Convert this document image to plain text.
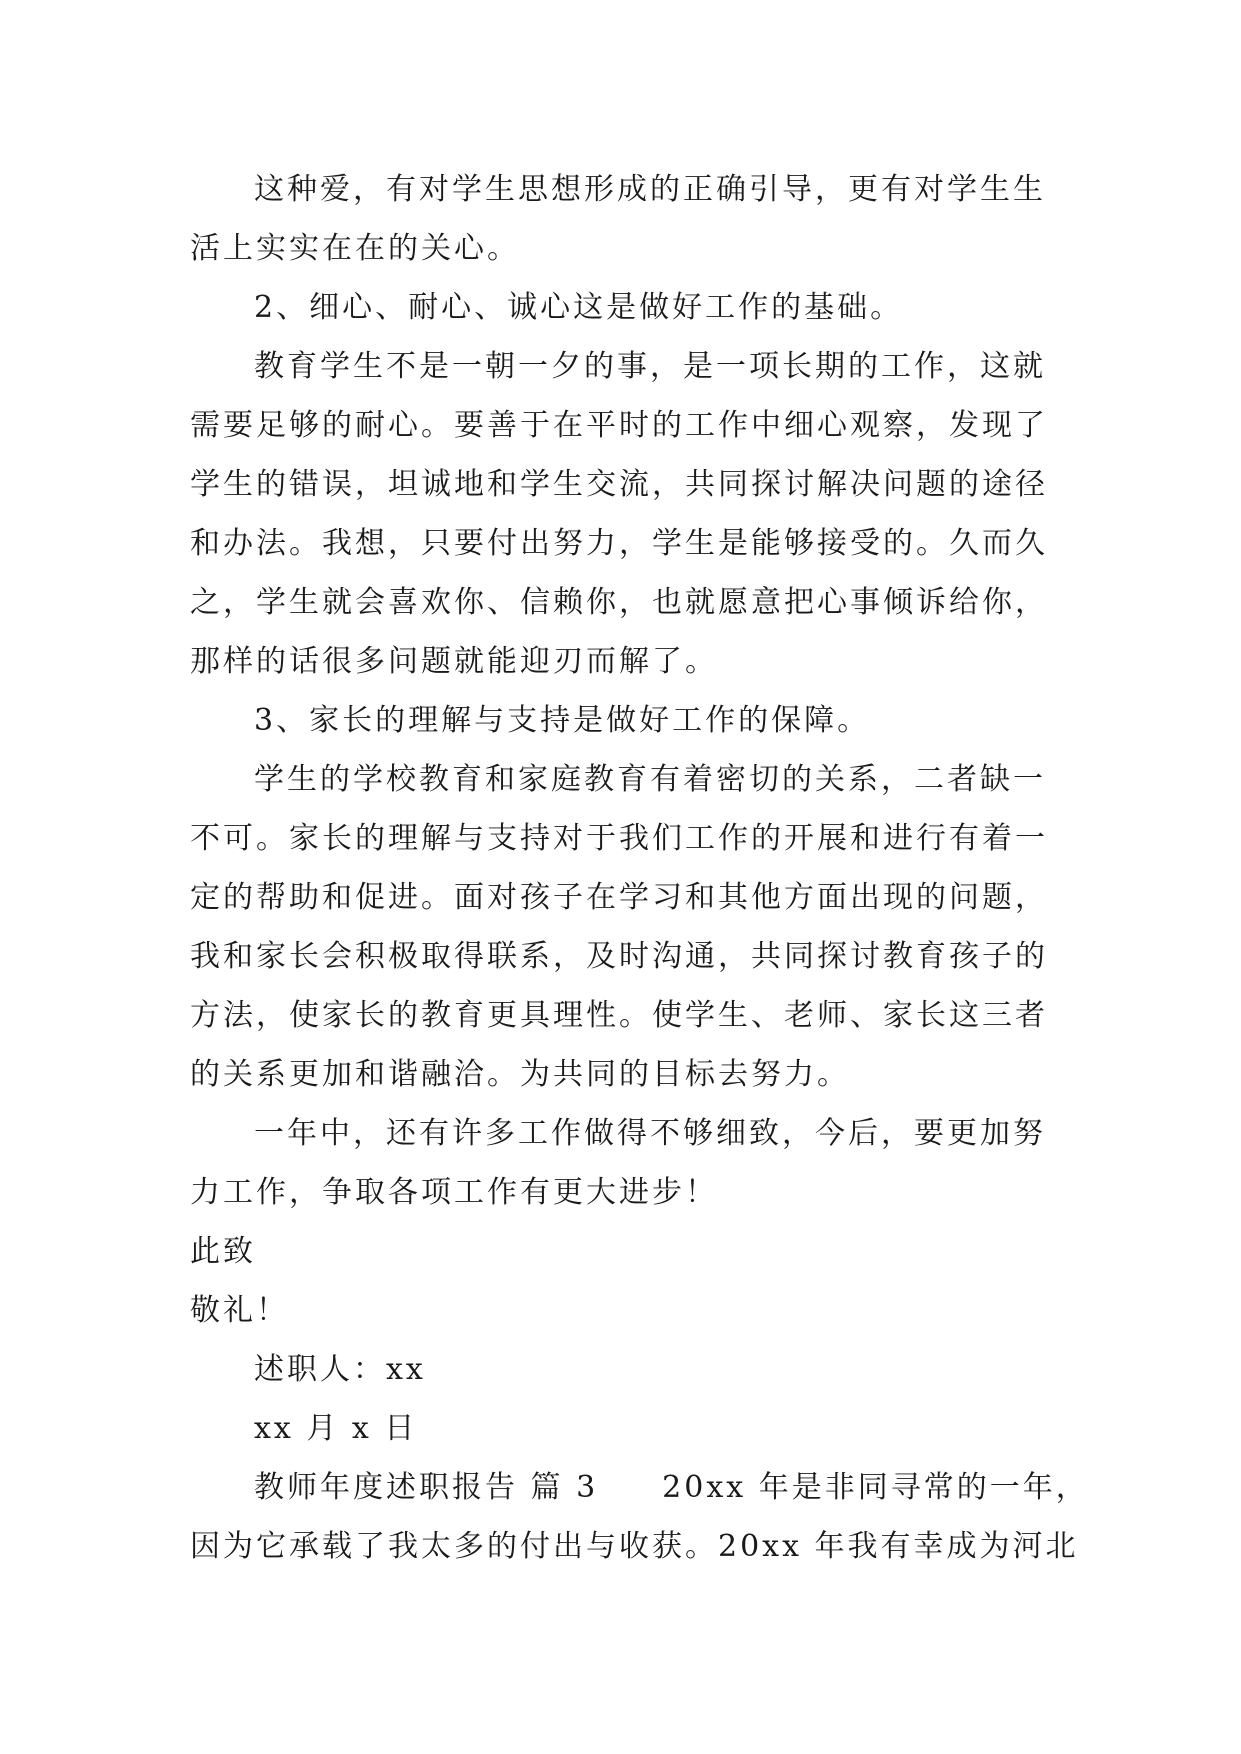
这种爱，有对学生思想形成的正确引导，更有对学生生
活上实实在在的关心。
2、细心、耐心、诚心这是做好工作的基础。
教育学生不是一朝一夕的事，是一项长期的工作，这就
需要足够的耐心。要善于在平时的工作中细心观察，发现了
学生的错误，坦诚地和学生交流，共同探讨解决问题的途径
和办法。我想，只要付出努力，学生是能够接受的。久而久
之，学生就会喜欢你、信赖你，也就愿意把心事倾诉给你，
那样的话很多问题就能迎刃而解了。
3、家长的理解与支持是做好工作的保障。
学生的学校教育和家庭教育有着密切的关系，二者缺一
不可。家长的理解与支持对于我们工作的开展和进行有着一
定的帮助和促进。面对孩子在学习和其他方面出现的问题，
我和家长会积极取得联系，及时沟通，共同探讨教育孩子的
方法，使家长的教育更具理性。使学生、老师、家长这三者
的关系更加和谐融洽。为共同的目标去努力。
一年中，还有许多工作做得不够细致，今后，要更加努
力工作，争取各项工作有更大进步！
此致
敬礼！
述职人：xx
xx 月 x 日
教师年度述职报告 篇 3 20xx 年是非同寻常的一年，
因为它承载了我太多的付出与收获。20xx 年我有幸成为河北
